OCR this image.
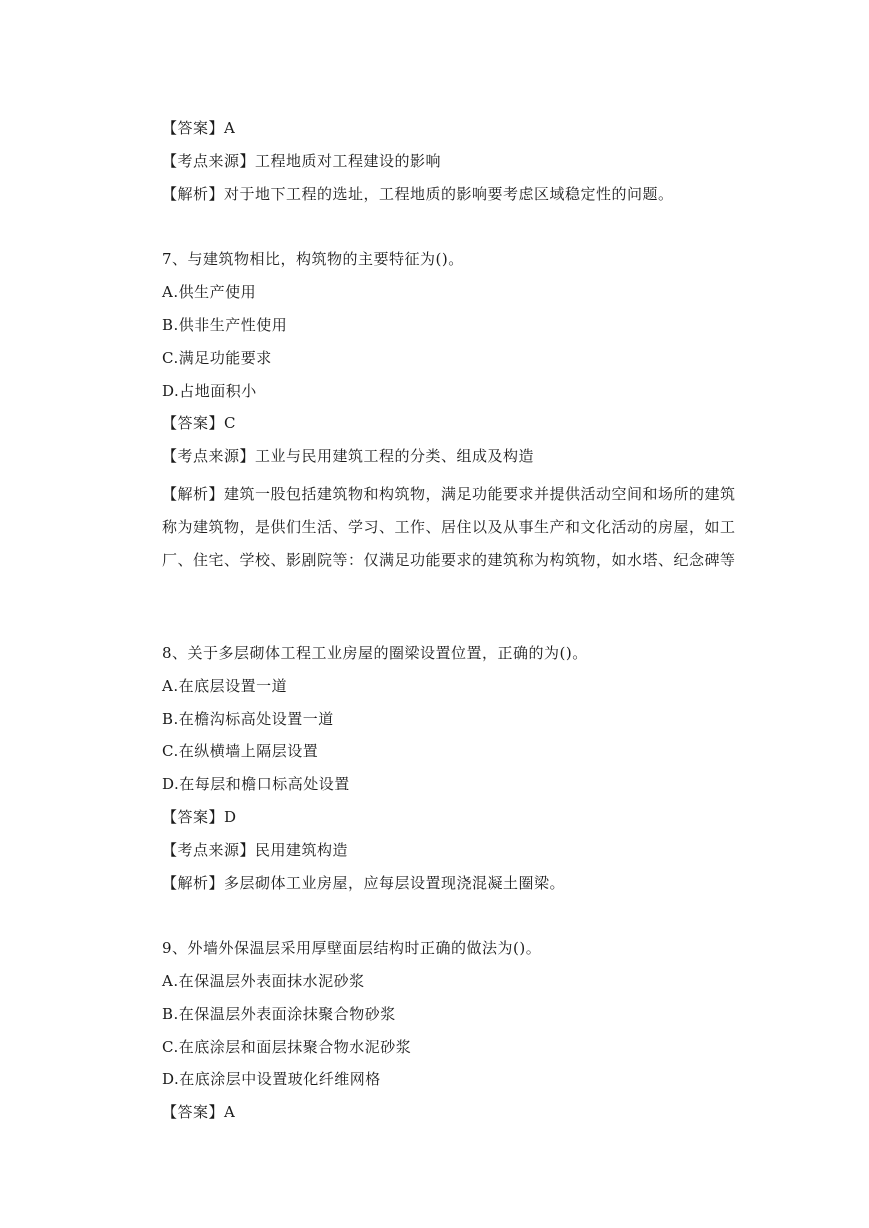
【答案】A
【考点来源】工程地质对工程建设的影响
【解析】对于地下工程的选址，工程地质的影响要考虑区域稳定性的问题。
7、与建筑物相比，构筑物的主要特征为()。
A.供生产使用
B.供非生产性使用
C.满足功能要求
D.占地面积小
【答案】C
【考点来源】工业与民用建筑工程的分类、组成及构造
【解析】建筑一股包括建筑物和构筑物，满足功能要求并提供活动空间和场所的建筑称为建筑物，是供们生活、学习、工作、居住以及从事生产和文化活动的房屋，如工厂、住宅、学校、影剧院等：仅满足功能要求的建筑称为构筑物，如水塔、纪念碑等
8、关于多层砌体工程工业房屋的圈梁设置位置，正确的为()。
A.在底层设置一道
B.在檐沟标高处设置一道
C.在纵横墙上隔层设置
D.在每层和檐口标高处设置
【答案】D
【考点来源】民用建筑构造
【解析】多层砌体工业房屋，应每层设置现浇混凝土圈梁。
9、外墙外保温层采用厚壁面层结构时正确的做法为()。
A.在保温层外表面抹水泥砂浆
B.在保温层外表面涂抹聚合物砂浆
C.在底涂层和面层抹聚合物水泥砂浆
D.在底涂层中设置玻化纤维网格
【答案】A
